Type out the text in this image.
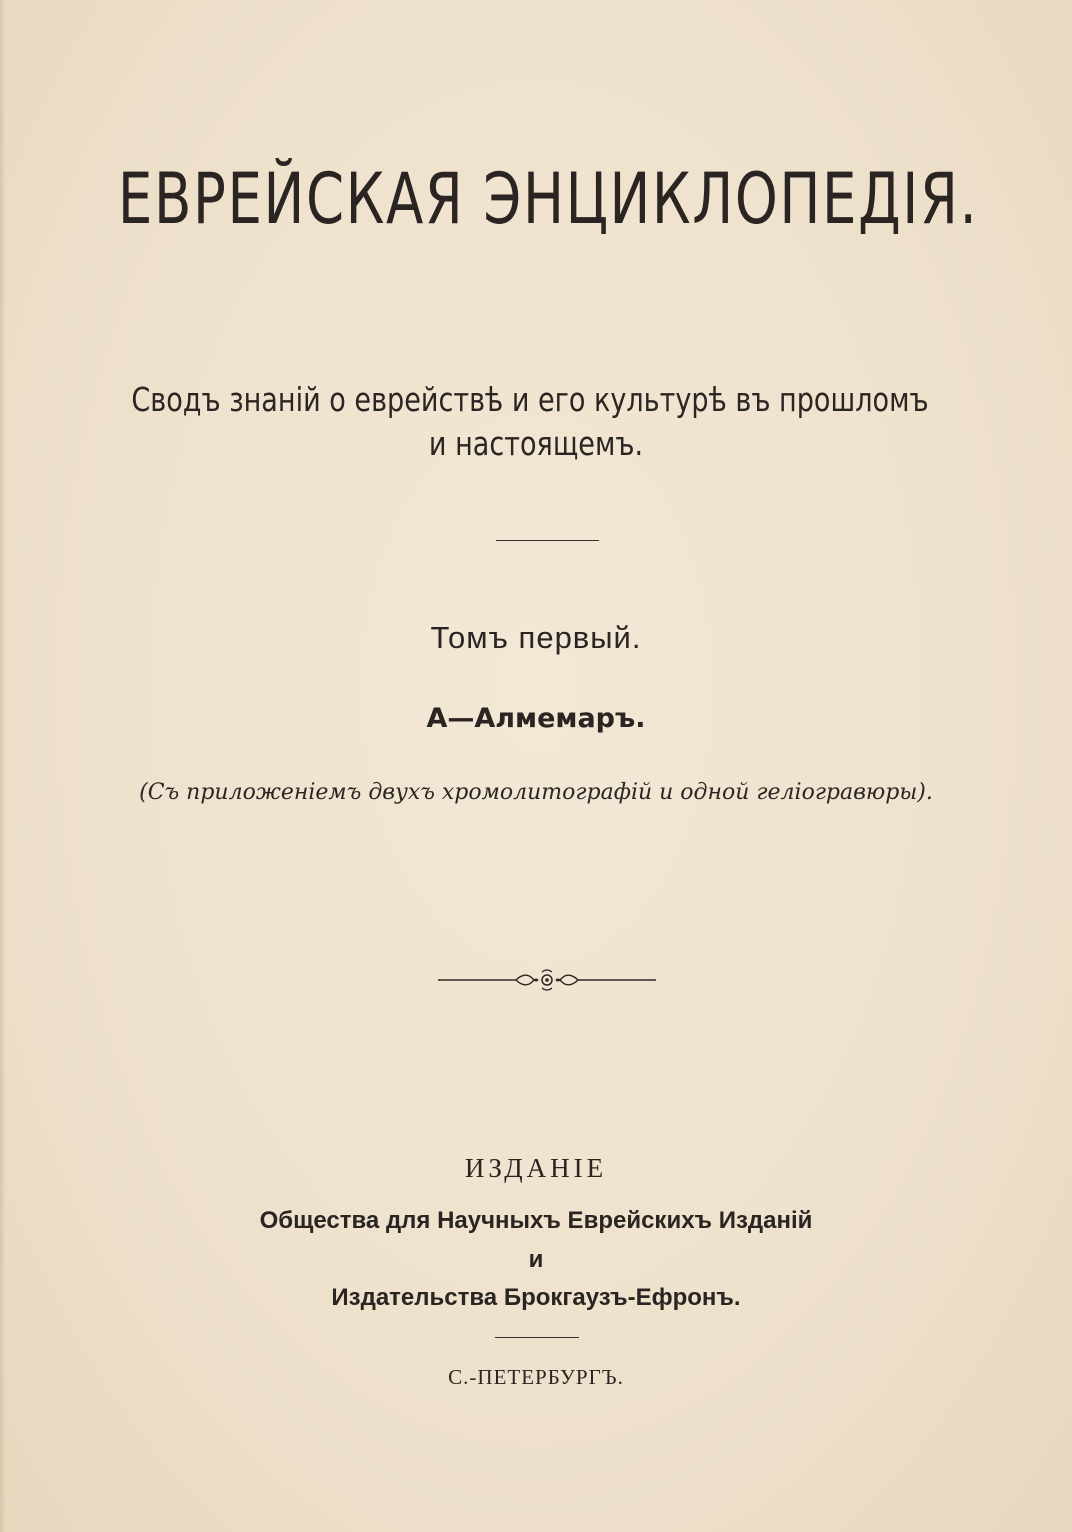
ЕВРЕЙСКАЯ ЭНЦИКЛОПЕДІЯ.
Сводъ знаній о еврействѣ и его культурѣ въ прошломъ
и настоящемъ.
Томъ первый.
А—Алмемаръ.
(Съ приложеніемъ двухъ хромолитографій и одной геліогравюры).
ИЗДАНІЕ
Общества для Научныхъ Еврейскихъ Изданій
и
Издательства Брокгаузъ-Ефронъ.
С.-ПЕТЕРБУРГЪ.
